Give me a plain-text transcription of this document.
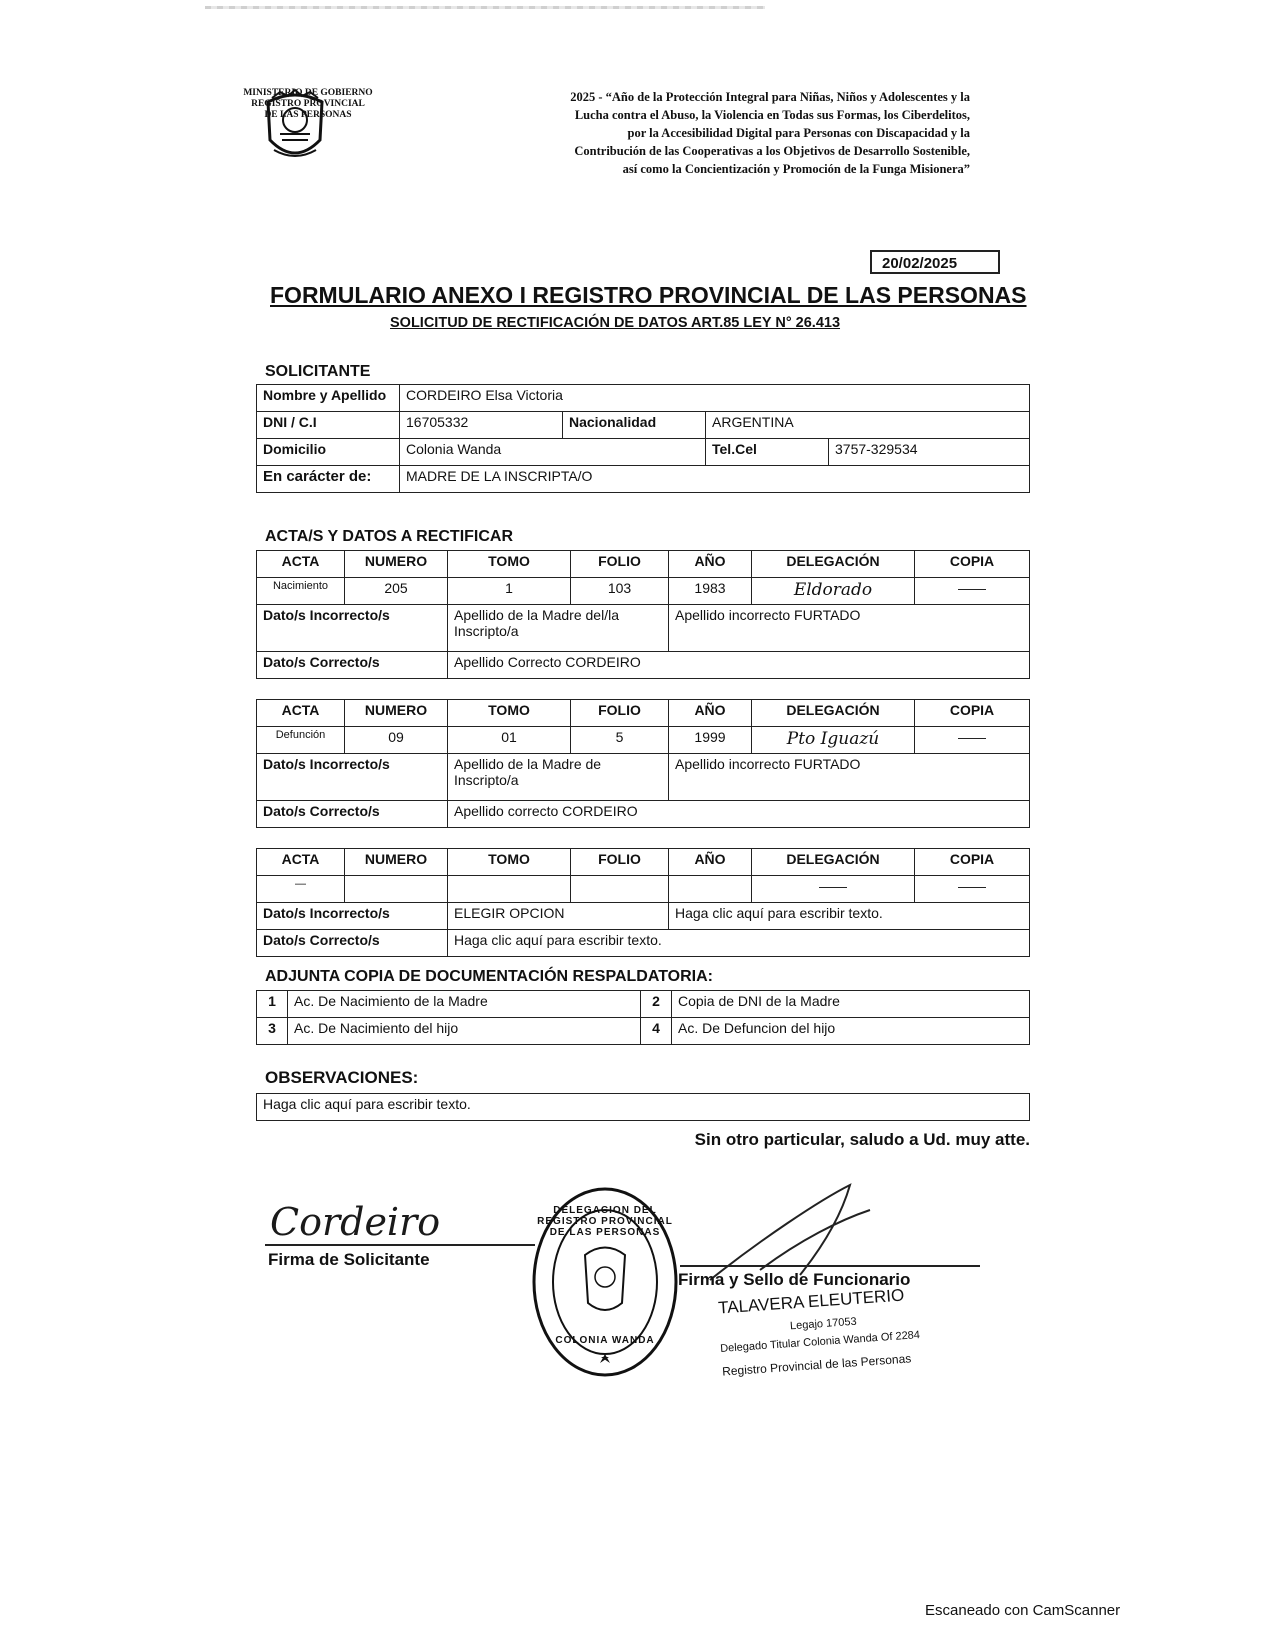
MINISTERIO DE GOBIERNO
REGISTRO PROVINCIAL
DE LAS PERSONAS
2025 - “Año de la Protección Integral para Niñas, Niños y Adolescentes y la Lucha contra el Abuso, la Violencia en Todas sus Formas, los Ciberdelitos, por la Accesibilidad Digital para Personas con Discapacidad y la Contribución de las Cooperativas a los Objetivos de Desarrollo Sostenible, así como la Concientización y Promoción de la Funga Misionera”
20/02/2025
FORMULARIO ANEXO I REGISTRO PROVINCIAL DE LAS PERSONAS
SOLICITUD DE RECTIFICACIÓN DE DATOS ART.85 LEY N° 26.413
SOLICITANTE
Nombre y Apellido	CORDEIRO Elsa Victoria			
DNI / C.I	16705332	Nacionalidad	ARGENTINA	
Domicilio	Colonia Wanda		Tel.Cel	3757-329534
En carácter de:	MADRE DE LA INSCRIPTA/O			
ACTA/S Y DATOS A RECTIFICAR
ACTA	NUMERO	TOMO	FOLIO	AÑO	DELEGACIÓN	COPIA
Nacimiento	205	1	103	1983	Eldorado	——
Dato/s Incorrecto/s		Apellido de la Madre del/la Inscripto/a		Apellido incorrecto FURTADO		
Dato/s Correcto/s		Apellido Correcto CORDEIRO				
ACTA	NUMERO	TOMO	FOLIO	AÑO	DELEGACIÓN	COPIA
Defunción	09	01	5	1999	Pto Iguazú	——
Dato/s Incorrecto/s		Apellido de la Madre de Inscripto/a		Apellido incorrecto FURTADO		
Dato/s Correcto/s		Apellido correcto CORDEIRO				
ACTA	NUMERO	TOMO	FOLIO	AÑO	DELEGACIÓN	COPIA
—					——	——
Dato/s Incorrecto/s		ELEGIR OPCION		Haga clic aquí para escribir texto.		
Dato/s Correcto/s		Haga clic aquí para escribir texto.				
ADJUNTA COPIA DE DOCUMENTACIÓN RESPALDATORIA:
1	Ac. De Nacimiento de la Madre	2	Copia de DNI de la Madre
3	Ac. De Nacimiento del hijo	4	Ac. De Defuncion del hijo
OBSERVACIONES:
Haga clic aquí para escribir texto.
Sin otro particular, saludo a Ud. muy atte.
Cordeiro
Firma de Solicitante
DELEGACION DEL REGISTRO PROVINCIAL DE LAS PERSONAS
COLONIA WANDA
Firma y Sello de Funcionario
TALAVERA ELEUTERIO
Legajo 17053
Delegado Titular Colonia Wanda Of 2284
Registro Provincial de las Personas
Escaneado con CamScanner
